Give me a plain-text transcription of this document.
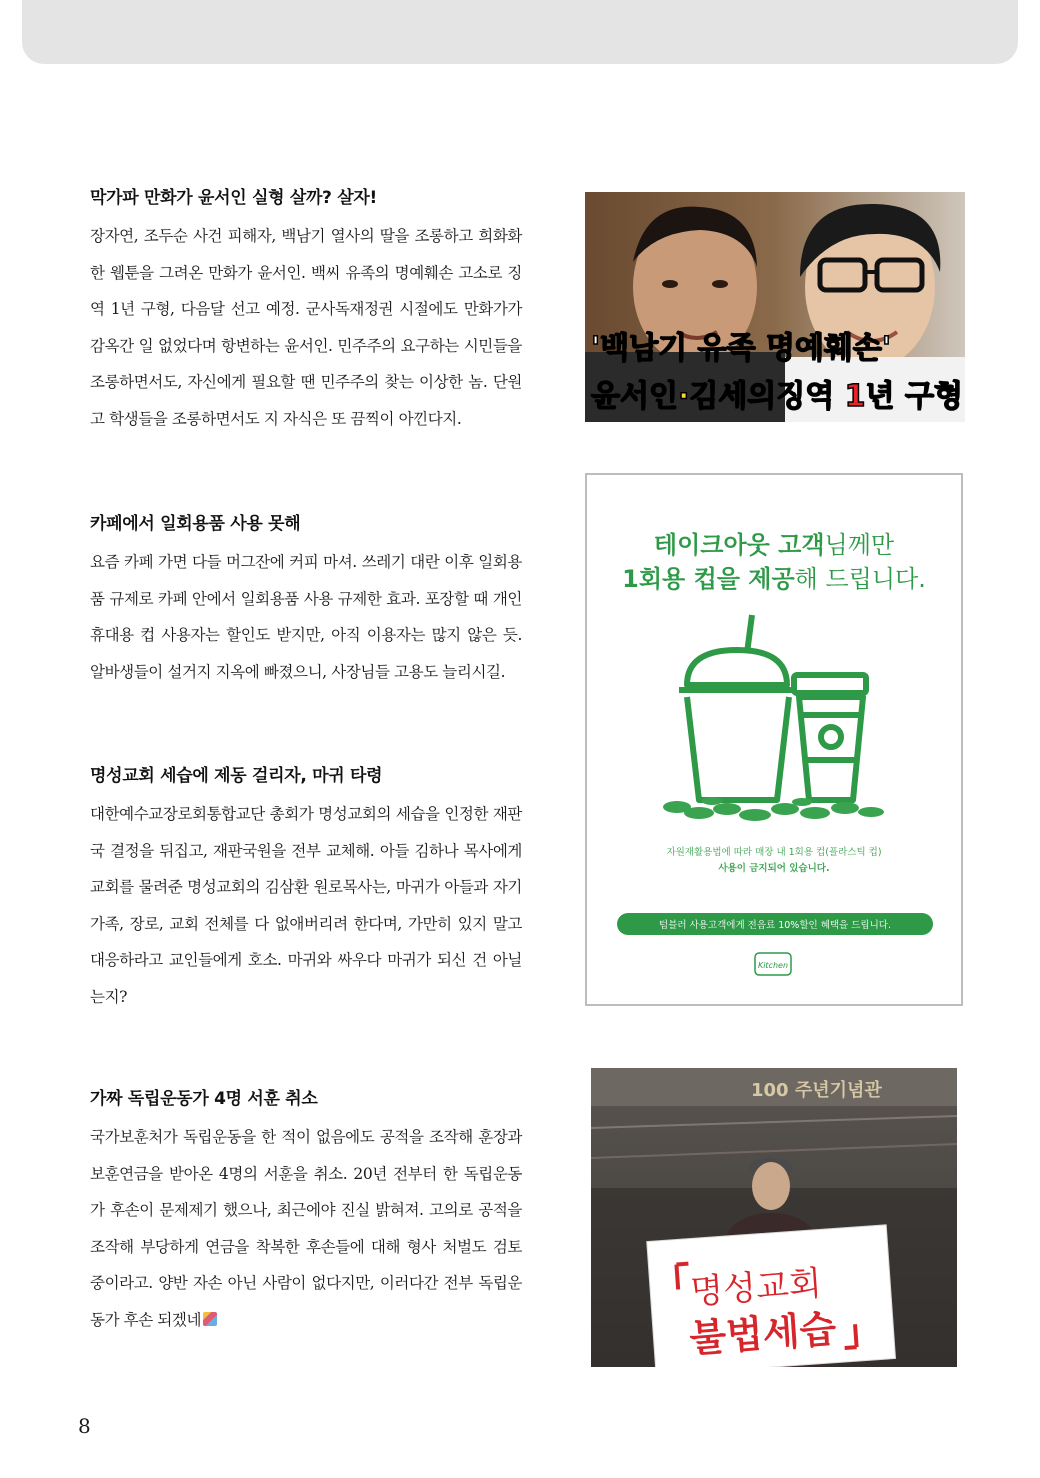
막가파 만화가 윤서인 실형 살까? 살자!

장자연, 조두순 사건 피해자, 백남기 열사의 딸을 조롱하고 희화화한 웹툰을 그려온 만화가 윤서인. 백씨 유족의 명예훼손 고소로 징역 1년 구형, 다음달 선고 예정. 군사독재정권 시절에도 만화가가 감옥간 일 없었다며 항변하는 윤서인. 민주주의 요구하는 시민들을 조롱하면서도, 자신에게 필요할 땐 민주주의 찾는 이상한 놈. 단원고 학생들을 조롱하면서도 지 자식은 또 끔찍이 아낀다지.

카페에서 일회용품 사용 못해

요즘 카페 가면 다들 머그잔에 커피 마셔. 쓰레기 대란 이후 일회용품 규제로 카페 안에서 일회용품 사용 규제한 효과. 포장할 때 개인 휴대용 컵 사용자는 할인도 받지만, 아직 이용자는 많지 않은 듯. 알바생들이 설거지 지옥에 빠졌으니, 사장님들 고용도 늘리시길.

명성교회 세습에 제동 걸리자, 마귀 타령

대한예수교장로회통합교단 총회가 명성교회의 세습을 인정한 재판국 결정을 뒤집고, 재판국원을 전부 교체해. 아들 김하나 목사에게 교회를 물려준 명성교회의 김삼환 원로목사는, 마귀가 아들과 자기 가족, 장로, 교회 전체를 다 없애버리려 한다며, 가만히 있지 말고 대응하라고 교인들에게 호소. 마귀와 싸우다 마귀가 되신 건 아닐는지?

가짜 독립운동가 4명 서훈 취소

국가보훈처가 독립운동을 한 적이 없음에도 공적을 조작해 훈장과 보훈연금을 받아온 4명의 서훈을 취소. 20년 전부터 한 독립운동가 후손이 문제제기 했으나, 최근에야 진실 밝혀져. 고의로 공적을 조작해 부당하게 연금을 착복한 후손들에 대해 형사 처벌도 검토 중이라고. 양반 자손 아닌 사람이 없다지만, 이러다간 전부 독립운동가 후손 되겠네

'백남기 유족 명예훼손'
윤서인·김세의징역 1년 구형
테이크아웃 고객님께만
1회용 컵을 제공해 드립니다.
자원재활용법에 따라 매장 내 1회용 컵(플라스틱 컵)
사용이 금지되어 있습니다.
텀블러 사용고객에게 전음료 10%할인 혜택을 드립니다.
Kitchen
100 주년기념관
명성교회
불법세습
8
